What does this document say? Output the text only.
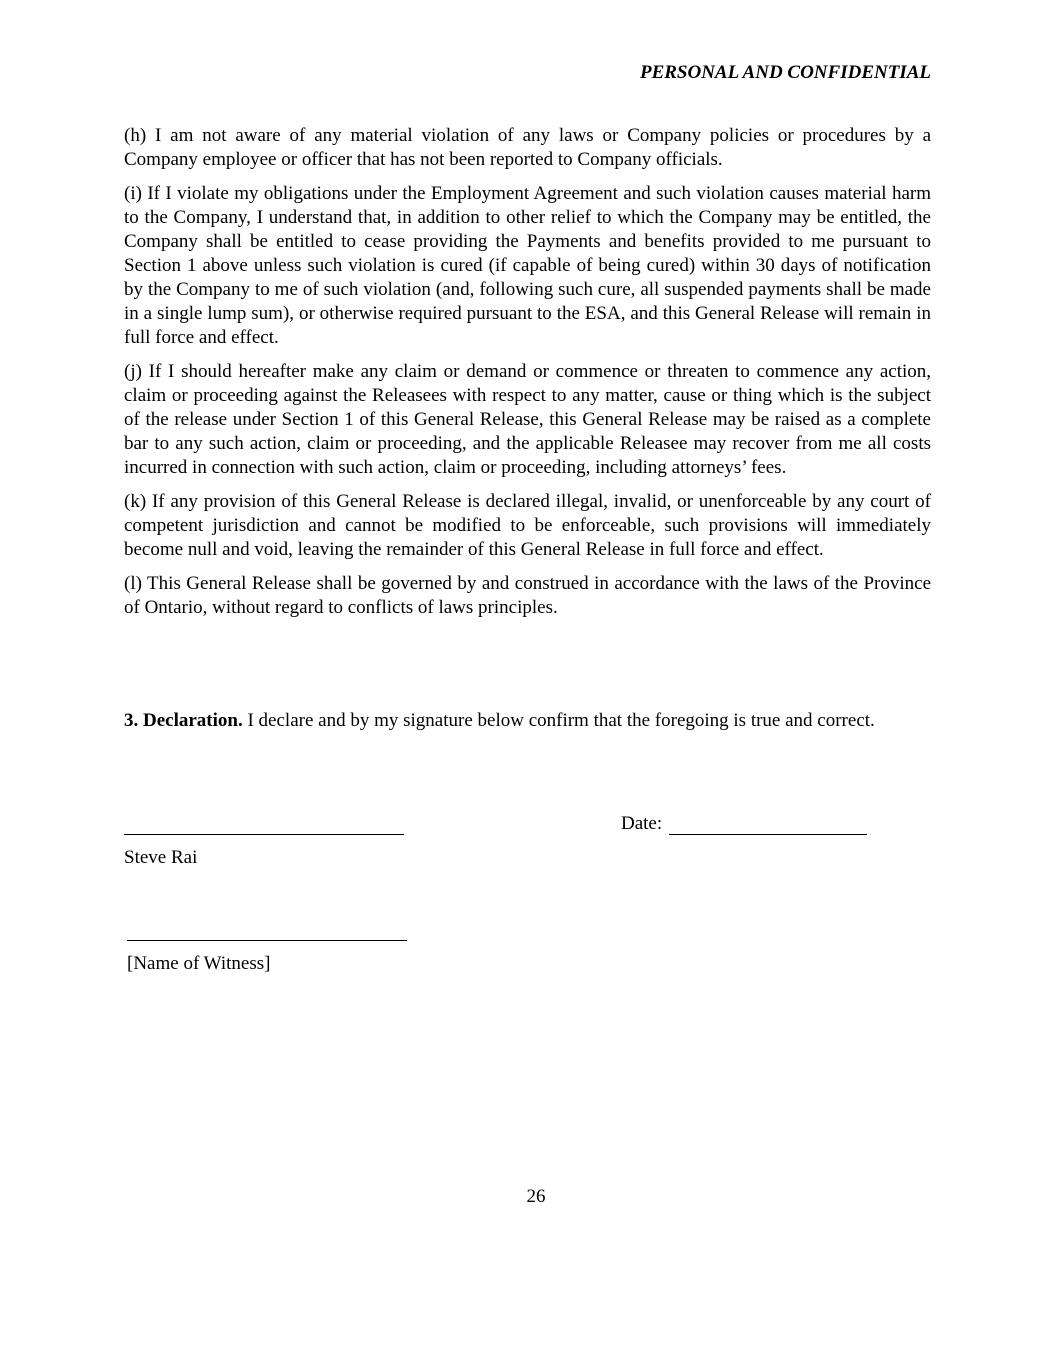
PERSONAL AND CONFIDENTIAL

(h) I am not aware of any material violation of any laws or Company policies or procedures by a Company employee or officer that has not been reported to Company officials.

(i) If I violate my obligations under the Employment Agreement and such violation causes material harm to the Company, I understand that, in addition to other relief to which the Company may be entitled, the Company shall be entitled to cease providing the Payments and benefits provided to me pursuant to Section 1 above unless such violation is cured (if capable of being cured) within 30 days of notification by the Company to me of such violation (and, following such cure, all suspended payments shall be made in a single lump sum), or otherwise required pursuant to the ESA, and this General Release will remain in full force and effect.

(j) If I should hereafter make any claim or demand or commence or threaten to commence any action, claim or proceeding against the Releasees with respect to any matter, cause or thing which is the subject of the release under Section 1 of this General Release, this General Release may be raised as a complete bar to any such action, claim or proceeding, and the applicable Releasee may recover from me all costs incurred in connection with such action, claim or proceeding, including attorneys’ fees.

(k) If any provision of this General Release is declared illegal, invalid, or unenforceable by any court of competent jurisdiction and cannot be modified to be enforceable, such provisions will immediately become null and void, leaving the remainder of this General Release in full force and effect.

(l) This General Release shall be governed by and construed in accordance with the laws of the Province of Ontario, without regard to conflicts of laws principles.

3. Declaration. I declare and by my signature below confirm that the foregoing is true and correct.
Date:
Steve Rai
[Name of Witness]
26
